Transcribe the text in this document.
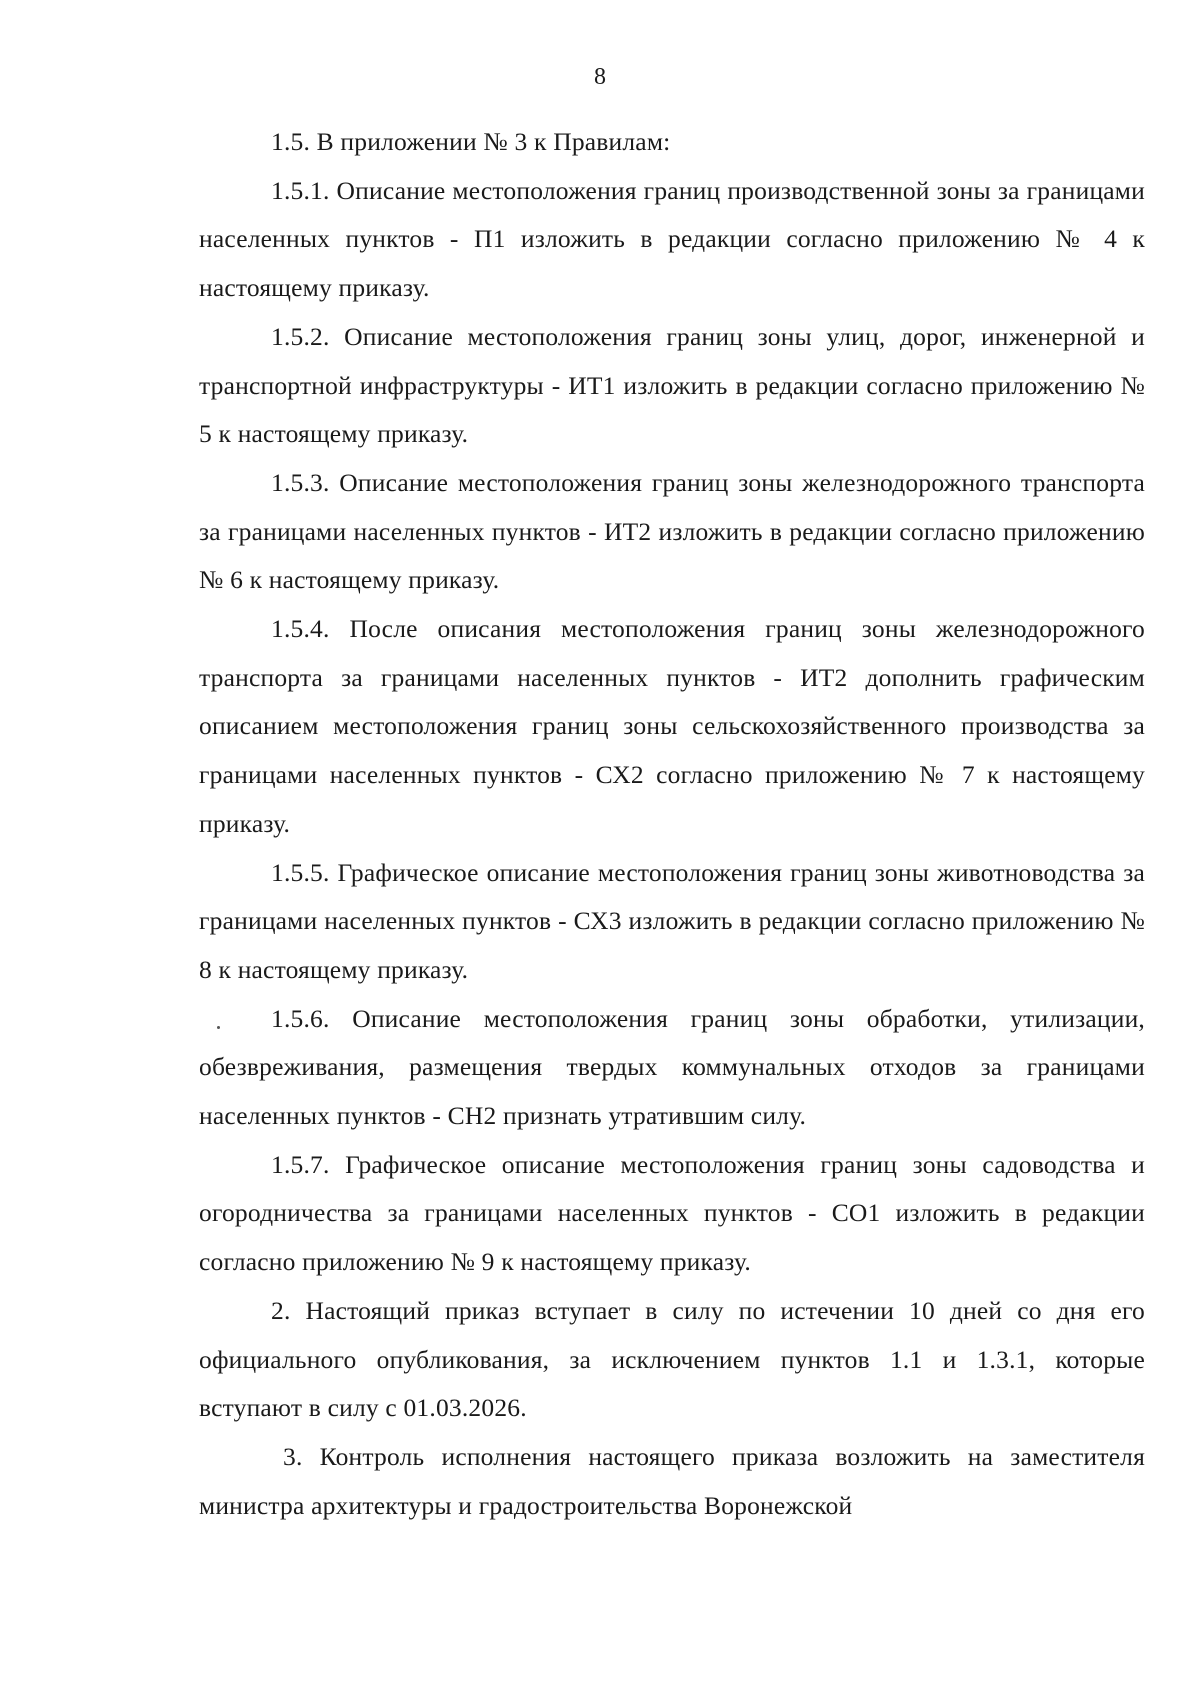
8

1.5. В приложении № 3 к Правилам:

1.5.1. Описание местоположения границ производственной зоны за границами населенных пунктов - П1 изложить в редакции согласно приложению № 4 к настоящему приказу.

1.5.2. Описание местоположения границ зоны улиц, дорог, инженерной и транспортной инфраструктуры - ИТ1 изложить в редакции согласно приложению № 5 к настоящему приказу.

1.5.3. Описание местоположения границ зоны железнодорожного транспорта за границами населенных пунктов - ИТ2 изложить в редакции согласно приложению № 6 к настоящему приказу.

1.5.4. После описания местоположения границ зоны железнодорожного транспорта за границами населенных пунктов - ИТ2 дополнить графическим описанием местоположения границ зоны сельскохозяйственного производства за границами населенных пунктов - СХ2 согласно приложению № 7 к настоящему приказу.

1.5.5. Графическое описание местоположения границ зоны животноводства за границами населенных пунктов - СХ3 изложить в редакции согласно приложению № 8 к настоящему приказу.

1.5.6. Описание местоположения границ зоны обработки, утилизации, обезвреживания, размещения твердых коммунальных отходов за границами населенных пунктов - СН2 признать утратившим силу.

1.5.7. Графическое описание местоположения границ зоны садоводства и огородничества за границами населенных пунктов - СО1 изложить в редакции согласно приложению № 9 к настоящему приказу.

2. Настоящий приказ вступает в силу по истечении 10 дней со дня его официального опубликования, за исключением пунктов 1.1 и 1.3.1, которые вступают в силу с 01.03.2026.

3. Контроль исполнения настоящего приказа возложить на заместителя министра архитектуры и градостроительства Воронежской
